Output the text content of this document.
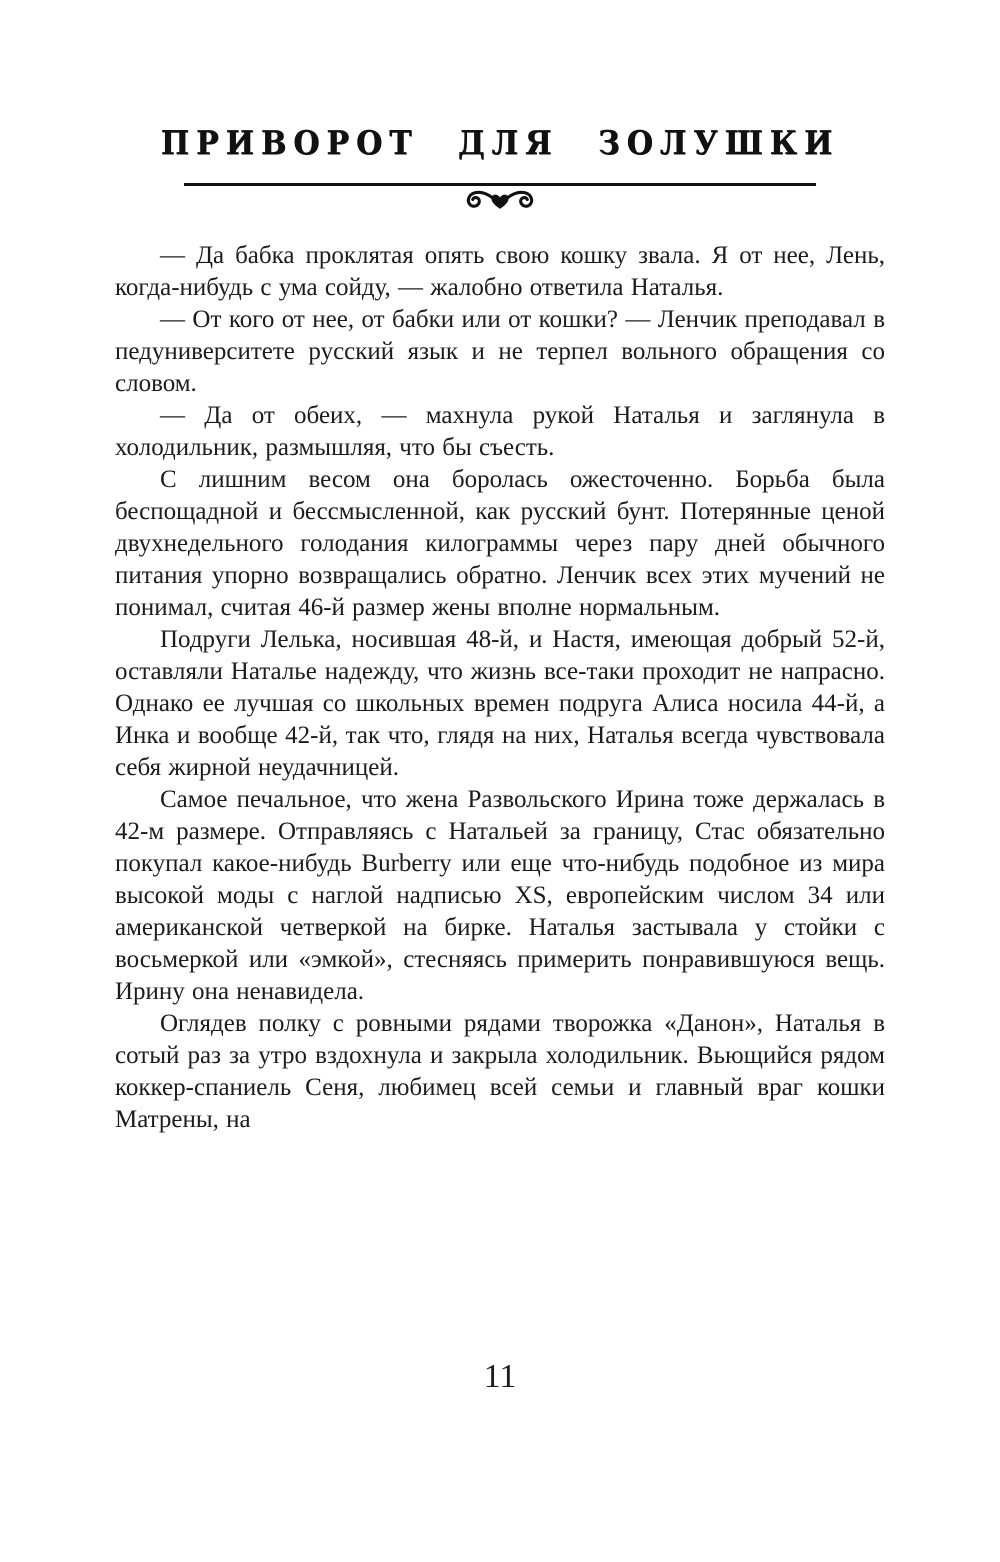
ПРИВОРОТ ДЛЯ ЗОЛУШКИ

— Да бабка проклятая опять свою кошку звала. Я от нее, Лень, когда-нибудь с ума сойду, — жалобно ответила Наталья.

— От кого от нее, от бабки или от кошки? — Ленчик преподавал в педуниверситете русский язык и не терпел вольного обращения со словом.

— Да от обеих, — махнула рукой Наталья и заглянула в холодильник, размышляя, что бы съесть.

С лишним весом она боролась ожесточенно. Борьба была беспощадной и бессмысленной, как русский бунт. Потерянные ценой двухнедельного голодания килограммы через пару дней обычного питания упорно возвращались обратно. Ленчик всех этих мучений не понимал, считая 46-й размер жены вполне нормальным.

Подруги Лелька, носившая 48-й, и Настя, имеющая добрый 52-й, оставляли Наталье надежду, что жизнь все-таки проходит не напрасно. Однако ее лучшая со школьных времен подруга Алиса носила 44-й, а Инка и вообще 42-й, так что, глядя на них, Наталья всегда чувствовала себя жирной неудачницей.

Самое печальное, что жена Развольского Ирина тоже держалась в 42-м размере. Отправляясь с Натальей за границу, Стас обязательно покупал какое-нибудь Burberry или еще что-нибудь подобное из мира высокой моды с наглой надписью XS, европейским числом 34 или американской четверкой на бирке. Наталья застывала у стойки с восьмеркой или «эмкой», стесняясь примерить понравившуюся вещь. Ирину она ненавидела.

Оглядев полку с ровными рядами творожка «Данон», Наталья в сотый раз за утро вздохнула и закрыла холодильник. Вьющийся рядом коккер-спаниель Сеня, любимец всей семьи и главный враг кошки Матрены, на

11
